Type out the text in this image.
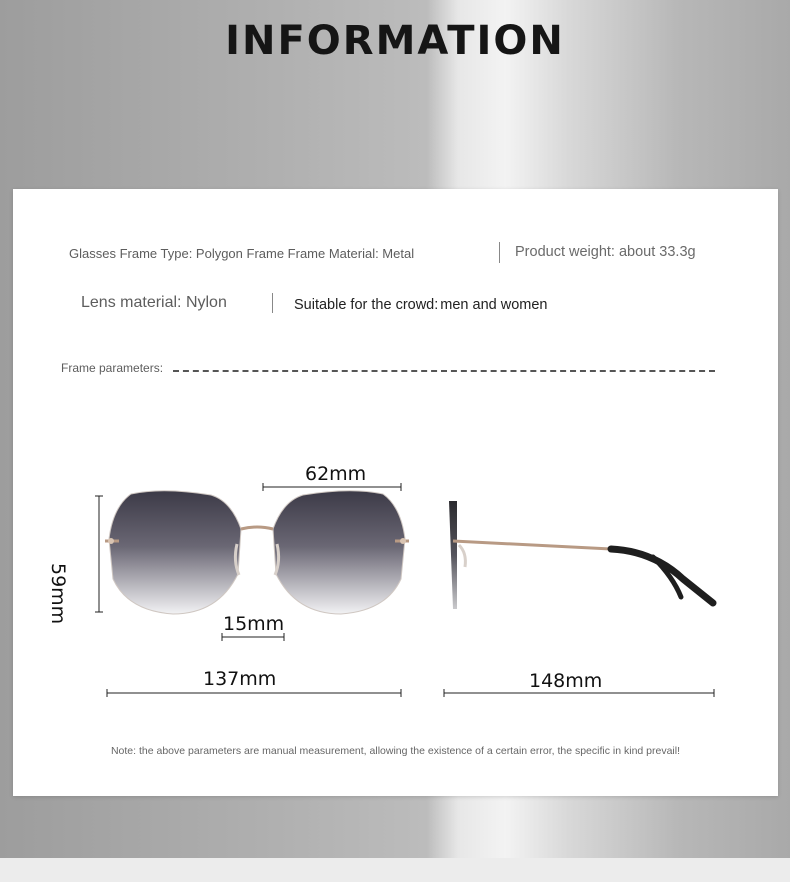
INFORMATION
Glasses Frame Type: Polygon Frame Frame Material: Metal	Product weight: about 33.3g
Lens material: Nylon	Suitable for the crowd: men and women
Frame parameters:
62mm
59mm	15mm
137mm	148mm
Note: the above parameters are manual measurement, allowing the existence of a certain error, the specific in kind prevail!
